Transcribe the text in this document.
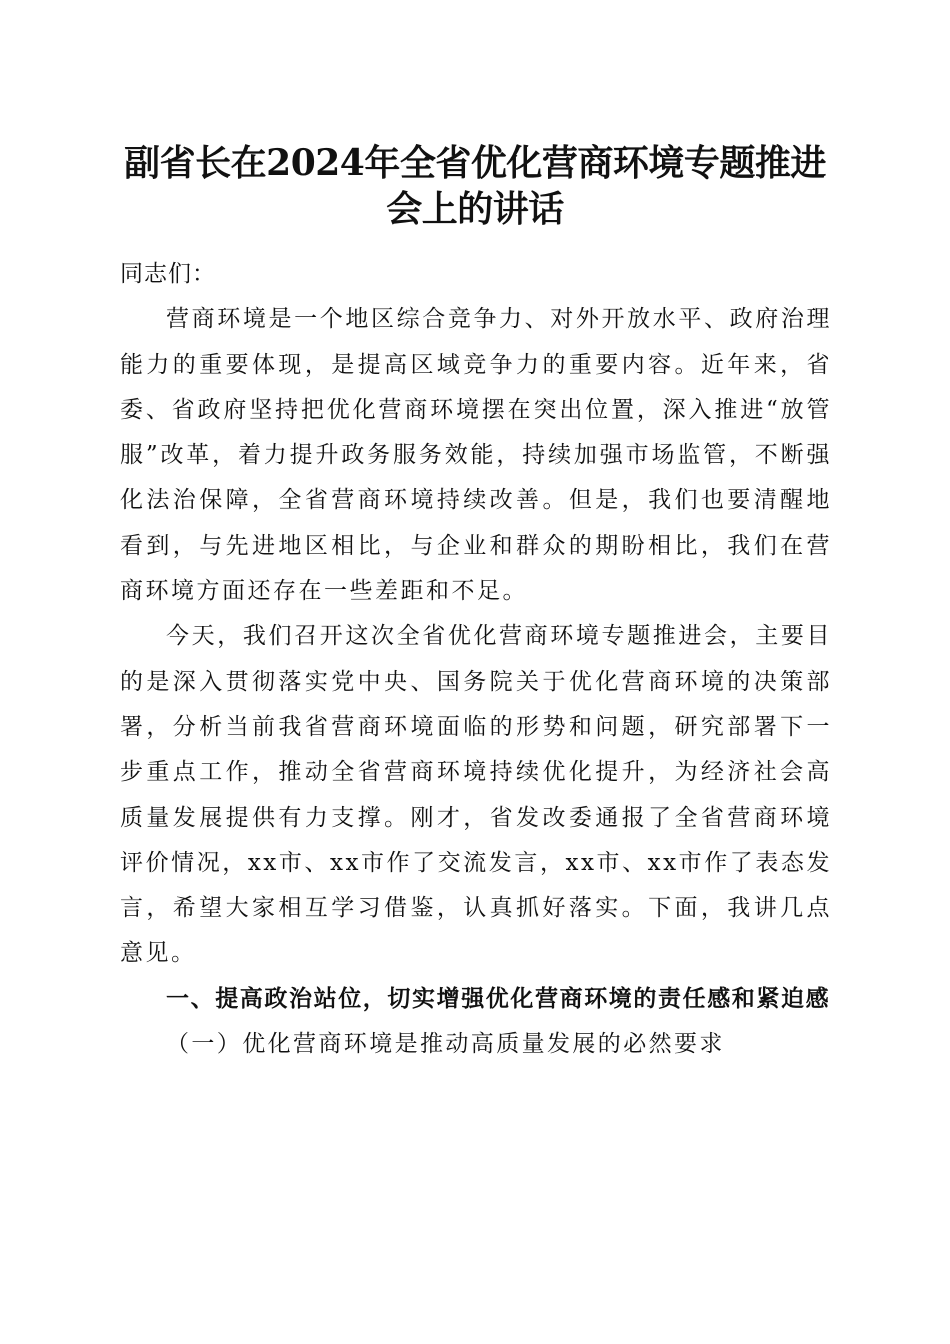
副省长在2024年全省优化营商环境专题推进
会上的讲话

同志们：

营商环境是一个地区综合竞争力、对外开放水平、政府治理能力的重要体现，是提高区域竞争力的重要内容。近年来，省委、省政府坚持把优化营商环境摆在突出位置，深入推进“放管服”改革，着力提升政务服务效能，持续加强市场监管，不断强化法治保障，全省营商环境持续改善。但是，我们也要清醒地看到，与先进地区相比，与企业和群众的期盼相比，我们在营商环境方面还存在一些差距和不足。

今天，我们召开这次全省优化营商环境专题推进会，主要目的是深入贯彻落实党中央、国务院关于优化营商环境的决策部署，分析当前我省营商环境面临的形势和问题，研究部署下一步重点工作，推动全省营商环境持续优化提升，为经济社会高质量发展提供有力支撑。刚才，省发改委通报了全省营商环境评价情况，xx市、xx市作了交流发言，xx市、xx市作了表态发言，希望大家相互学习借鉴，认真抓好落实。下面，我讲几点意见。

一、提高政治站位，切实增强优化营商环境的责任感和紧迫感

（一）优化营商环境是推动高质量发展的必然要求
